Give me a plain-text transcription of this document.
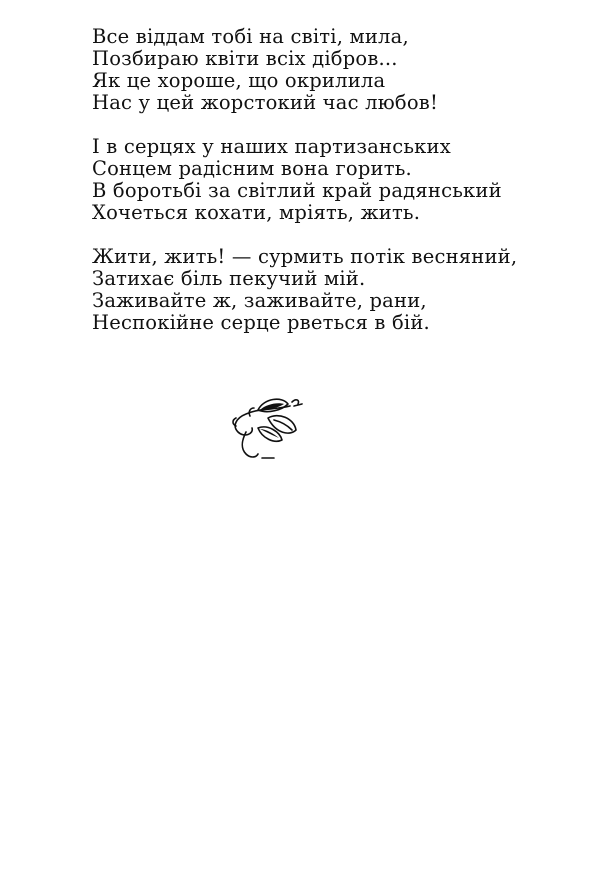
Все віддам тобі на світі, мила,
Позбираю квіти всіх дібров...
Як це хороше, що окрилила
Нас у цей жорстокий час любов!
І в серцях у наших партизанських
Сонцем радісним вона горить.
В боротьбі за світлий край радянський
Хочеться кохати, мріять, жить.
Жити, жить! — сурмить потік весняний,
Затихає біль пекучий мій.
Заживайте ж, заживайте, рани,
Неспокійне серце рветься в бій.
